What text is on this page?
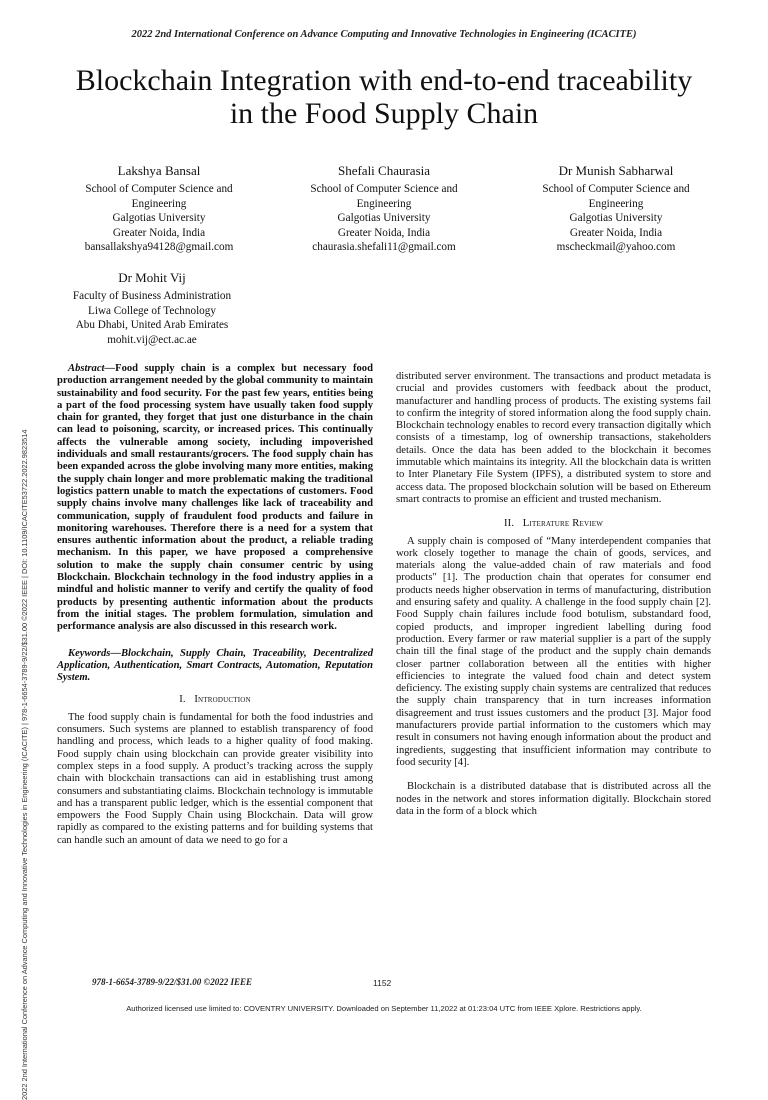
2022 2nd International Conference on Advance Computing and Innovative Technologies in Engineering (ICACITE)
Blockchain Integration with end-to-end traceability
in the Food Supply Chain
2022 2nd International Conference on Advance Computing and Innovative Technologies in Engineering (ICACITE) | 978-1-6654-3789-9/22/$31.00 ©2022 IEEE | DOI: 10.1109/ICACITE53722.2022.9823514
Lakshya Bansal
School of Computer Science and
Engineering
Galgotias University
Greater Noida, India
bansallakshya94128@gmail.com
Shefali Chaurasia
School of Computer Science and
Engineering
Galgotias University
Greater Noida, India
chaurasia.shefali11@gmail.com
Dr Munish Sabharwal
School of Computer Science and
Engineering
Galgotias University
Greater Noida, India
mscheckmail@yahoo.com
Dr Mohit Vij
Faculty of Business Administration
Liwa College of Technology
Abu Dhabi, United Arab Emirates
mohit.vij@ect.ac.ae

Abstract—Food supply chain is a complex but necessary food production arrangement needed by the global community to maintain sustainability and food security. For the past few years, entities being a part of the food processing system have usually taken food supply chain for granted, they forget that just one disturbance in the chain can lead to poisoning, scarcity, or increased prices. This continually affects the vulnerable among society, including impoverished individuals and small restaurants/grocers. The food supply chain has been expanded across the globe involving many more entities, making the supply chain longer and more problematic making the traditional logistics pattern unable to match the expectations of customers. Food supply chains involve many challenges like lack of traceability and communication, supply of fraudulent food products and failure in monitoring warehouses. Therefore there is a need for a system that ensures authentic information about the product, a reliable trading mechanism. In this paper, we have proposed a comprehensive solution to make the supply chain consumer centric by using Blockchain. Blockchain technology in the food industry applies in a mindful and holistic manner to verify and certify the quality of food products by presenting authentic information about the products from the initial stages. The problem formulation, simulation and performance analysis are also discussed in this research work.

Keywords—Blockchain, Supply Chain, Traceability, Decentralized Application, Authentication, Smart Contracts, Automation, Reputation System.

I. Introduction

The food supply chain is fundamental for both the food industries and consumers. Such systems are planned to establish transparency of food handling and process, which leads to a higher quality of food making. Food supply chain using blockchain can provide greater visibility into complex steps in a food supply. A product’s tracking across the supply chain with blockchain transactions can aid in establishing trust among consumers and substantiating claims. Blockchain technology is immutable and has a transparent public ledger, which is the essential component that empowers the Food Supply Chain using Blockchain. Data will grow rapidly as compared to the existing patterns and for building systems that can handle such an amount of data we need to go for a

distributed server environment. The transactions and product metadata is crucial and provides customers with feedback about the product, manufacturer and handling process of products. The existing systems fail to confirm the integrity of stored information along the food supply chain. Blockchain technology enables to record every transaction digitally which consists of a timestamp, log of ownership transactions, stakeholders details. Once the data has been added to the blockchain it becomes immutable which maintains its integrity. All the blockchain data is written to Inter Planetary File System (IPFS), a distributed system to store and access data. The proposed blockchain solution will be based on Ethereum smart contracts to promise an efficient and trusted mechanism.

II. Literature Review

A supply chain is composed of “Many interdependent companies that work closely together to manage the chain of goods, services, and materials along the value-added chain of raw materials and food products" [1]. The production chain that operates for consumer end products needs higher observation in terms of manufacturing, distribution and ensuring safety and quality. A challenge in the food supply chain [2]. Food Supply chain failures include food botulism, substandard food, copied products, and improper ingredient labelling during food production. Every farmer or raw material supplier is a part of the supply chain till the final stage of the product and the supply chain demands closer partner collaboration between all the entities with higher efficiencies to integrate the valued food chain and detect system deficiency. The existing supply chain systems are centralized that reduces the supply chain transparency that in turn increases information disagreement and trust issues customers and the product [3]. Major food manufacturers provide partial information to the customers which may result in consumers not having enough information about the product and ingredients, suggesting that insufficient information may contribute to food security [4].

Blockchain is a distributed database that is distributed across all the nodes in the network and stores information digitally. Blockchain stored data in the form of a block which

978-1-6654-3789-9/22/$31.00 ©2022 IEEE	1152
Authorized licensed use limited to: COVENTRY UNIVERSITY. Downloaded on September 11,2022 at 01:23:04 UTC from IEEE Xplore. Restrictions apply.
